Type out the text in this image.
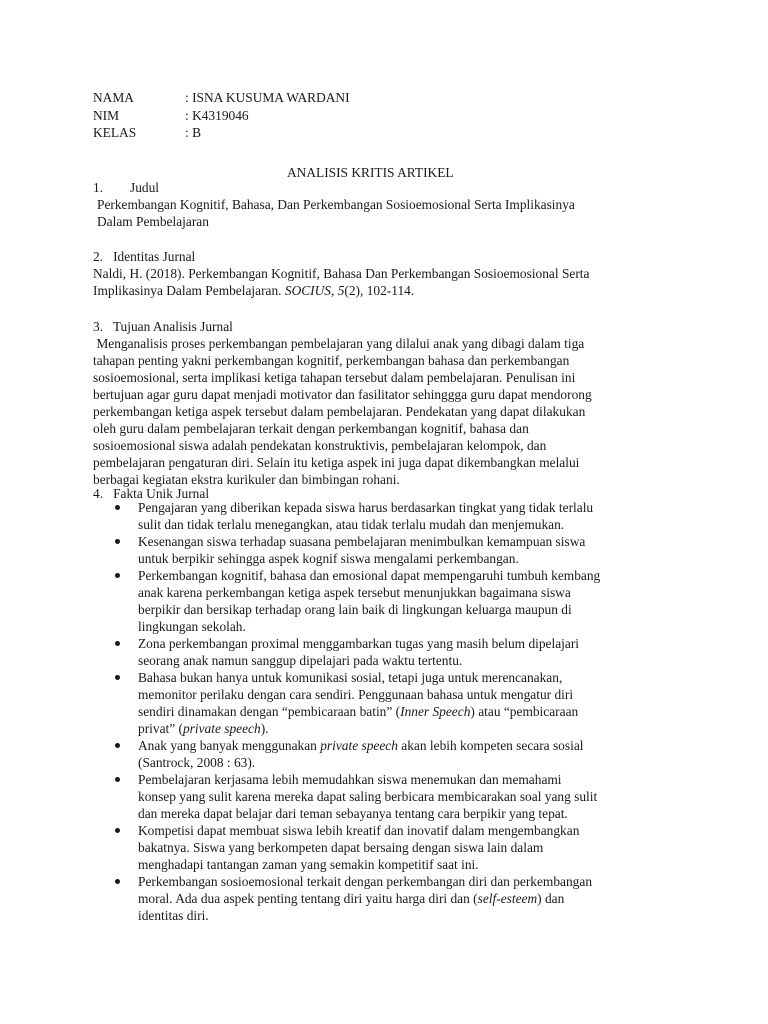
NAMA	: ISNA KUSUMA WARDANI
NIM	: K4319046
KELAS	: B
ANALISIS KRITIS ARTIKEL
1. Judul
Perkembangan Kognitif, Bahasa, Dan Perkembangan Sosioemosional Serta Implikasinya
Dalam Pembelajaran
2.   Identitas Jurnal
Naldi, H. (2018). Perkembangan Kognitif, Bahasa Dan Perkembangan Sosioemosional Serta
Implikasinya Dalam Pembelajaran. SOCIUS, 5(2), 102-114.
3.   Tujuan Analisis Jurnal
Menganalisis proses perkembangan pembelajaran yang dilalui anak yang dibagi dalam tiga
tahapan penting yakni perkembangan kognitif, perkembangan bahasa dan perkembangan
sosioemosional, serta implikasi ketiga tahapan tersebut dalam pembelajaran. Penulisan ini
bertujuan agar guru dapat menjadi motivator dan fasilitator sehinggga guru dapat mendorong
perkembangan ketiga aspek tersebut dalam pembelajaran. Pendekatan yang dapat dilakukan
oleh guru dalam pembelajaran terkait dengan perkembangan kognitif, bahasa dan
sosioemosional siswa adalah pendekatan konstruktivis, pembelajaran kelompok, dan
pembelajaran pengaturan diri. Selain itu ketiga aspek ini juga dapat dikembangkan melalui
berbagai kegiatan ekstra kurikuler dan bimbingan rohani.
4.   Fakta Unik Jurnal
Pengajaran yang diberikan kepada siswa harus berdasarkan tingkat yang tidak terlalu
sulit dan tidak terlalu menegangkan, atau tidak terlalu mudah dan menjemukan.
Kesenangan siswa terhadap suasana pembelajaran menimbulkan kemampuan siswa
untuk berpikir sehingga aspek kognif siswa mengalami perkembangan.
Perkembangan kognitif, bahasa dan emosional dapat mempengaruhi tumbuh kembang
anak karena perkembangan ketiga aspek tersebut menunjukkan bagaimana siswa
berpikir dan bersikap terhadap orang lain baik di lingkungan keluarga maupun di
lingkungan sekolah.
Zona perkembangan proximal menggambarkan tugas yang masih belum dipelajari
seorang anak namun sanggup dipelajari pada waktu tertentu.
Bahasa bukan hanya untuk komunikasi sosial, tetapi juga untuk merencanakan,
memonitor perilaku dengan cara sendiri. Penggunaan bahasa untuk mengatur diri
sendiri dinamakan dengan “pembicaraan batin” (Inner Speech) atau “pembicaraan
privat” (private speech).
Anak yang banyak menggunakan private speech akan lebih kompeten secara sosial
(Santrock, 2008 : 63).
Pembelajaran kerjasama lebih memudahkan siswa menemukan dan memahami
konsep yang sulit karena mereka dapat saling berbicara membicarakan soal yang sulit
dan mereka dapat belajar dari teman sebayanya tentang cara berpikir yang tepat.
Kompetisi dapat membuat siswa lebih kreatif dan inovatif dalam mengembangkan
bakatnya. Siswa yang berkompeten dapat bersaing dengan siswa lain dalam
menghadapi tantangan zaman yang semakin kompetitif saat ini.
Perkembangan sosioemosional terkait dengan perkembangan diri dan perkembangan
moral. Ada dua aspek penting tentang diri yaitu harga diri dan (self-esteem) dan
identitas diri.
